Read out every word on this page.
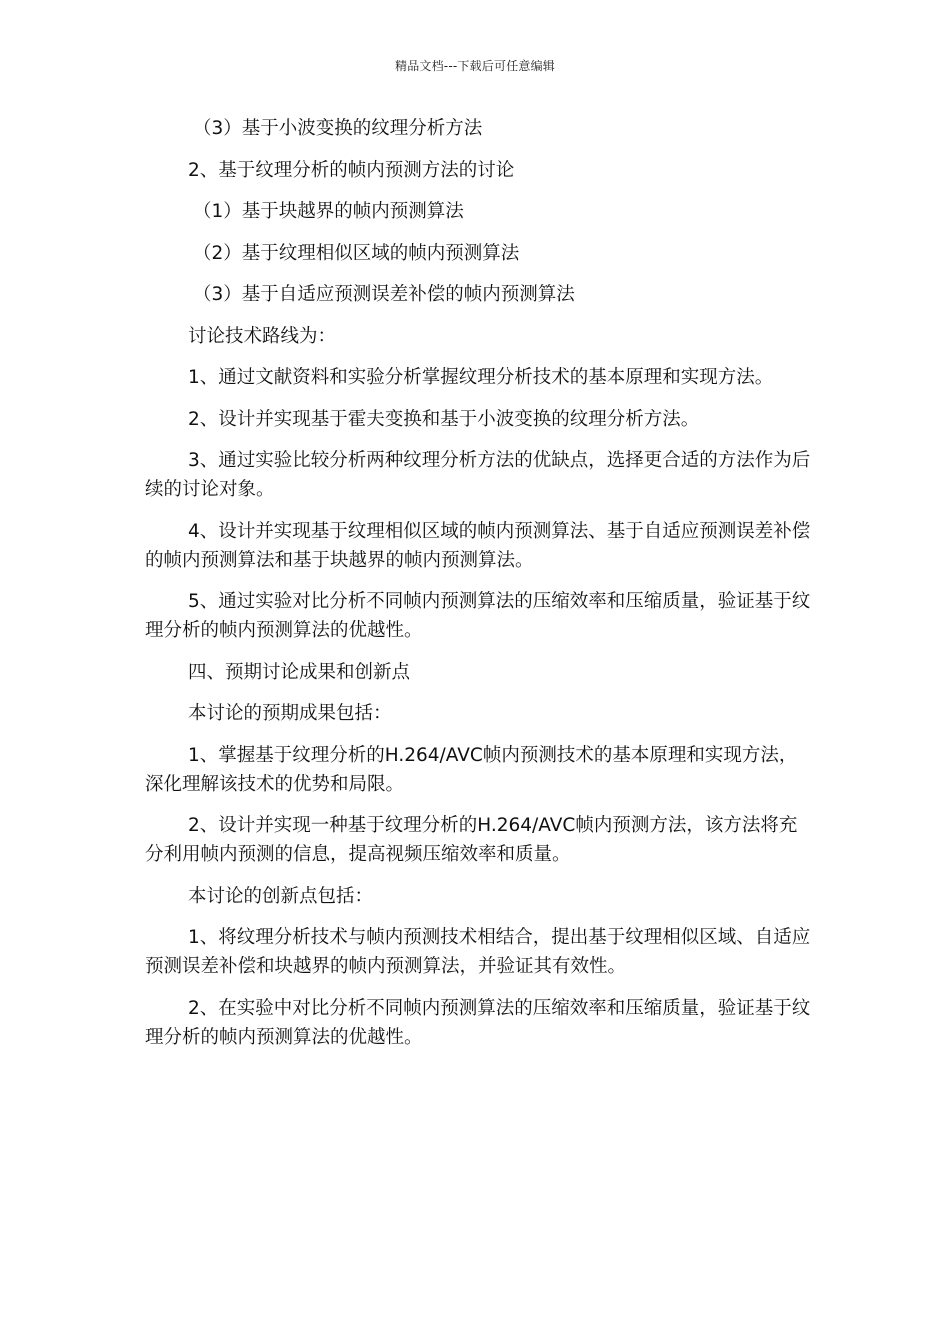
精品文档---下载后可任意编辑

（3）基于小波变换的纹理分析方法

2、基于纹理分析的帧内预测方法的讨论

（1）基于块越界的帧内预测算法

（2）基于纹理相似区域的帧内预测算法

（3）基于自适应预测误差补偿的帧内预测算法

讨论技术路线为：

1、通过文献资料和实验分析掌握纹理分析技术的基本原理和实现方法。

2、设计并实现基于霍夫变换和基于小波变换的纹理分析方法。

3、通过实验比较分析两种纹理分析方法的优缺点，选择更合适的方法作为后续的讨论对象。

4、设计并实现基于纹理相似区域的帧内预测算法、基于自适应预测误差补偿的帧内预测算法和基于块越界的帧内预测算法。

5、通过实验对比分析不同帧内预测算法的压缩效率和压缩质量，验证基于纹理分析的帧内预测算法的优越性。

四、预期讨论成果和创新点

本讨论的预期成果包括：

1、掌握基于纹理分析的H.264/AVC帧内预测技术的基本原理和实现方法，深化理解该技术的优势和局限。

2、设计并实现一种基于纹理分析的H.264/AVC帧内预测方法，该方法将充分利用帧内预测的信息，提高视频压缩效率和质量。

本讨论的创新点包括：

1、将纹理分析技术与帧内预测技术相结合，提出基于纹理相似区域、自适应预测误差补偿和块越界的帧内预测算法，并验证其有效性。

2、在实验中对比分析不同帧内预测算法的压缩效率和压缩质量，验证基于纹理分析的帧内预测算法的优越性。
